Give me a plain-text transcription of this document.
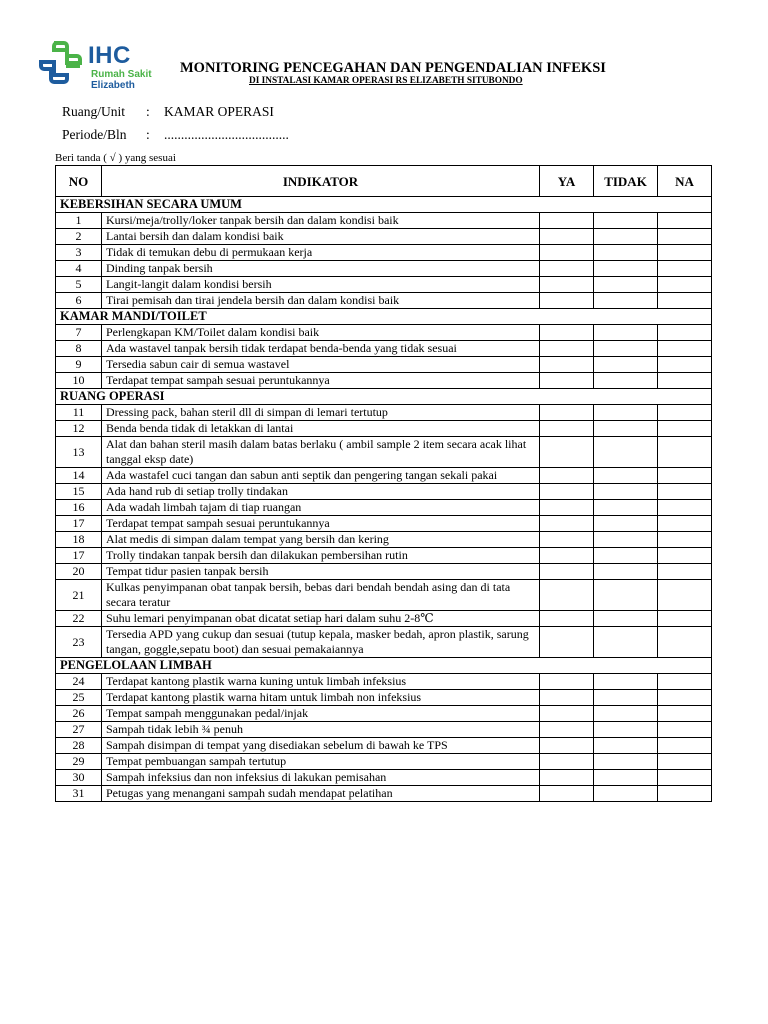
IHC
Rumah Sakit
Elizabeth
MONITORING PENCEGAHAN DAN PENGENDALIAN INFEKSI
DI INSTALASI KAMAR OPERASI RS ELIZABETH SITUBONDO
Ruang/Unit : KAMAR OPERASI
Periode/Bln : .....................................
Beri tanda ( √ ) yang sesuai
NO	INDIKATOR	YA	TIDAK	NA
KEBERSIHAN SECARA UMUM				
1	Kursi/meja/trolly/loker tanpak bersih dan dalam kondisi baik			
2	Lantai bersih dan dalam kondisi baik			
3	Tidak di temukan debu di permukaan kerja			
4	Dinding tanpak bersih			
5	Langit-langit dalam kondisi bersih			
6	Tirai pemisah dan tirai jendela bersih dan dalam kondisi baik			
KAMAR MANDI/TOILET				
7	Perlengkapan KM/Toilet dalam kondisi baik			
8	Ada wastavel tanpak bersih tidak terdapat benda-benda yang tidak sesuai			
9	Tersedia sabun cair di semua wastavel			
10	Terdapat tempat sampah sesuai peruntukannya			
RUANG OPERASI				
11	Dressing pack, bahan steril dll di simpan di lemari tertutup			
12	Benda benda tidak di letakkan di lantai			
13	Alat dan bahan steril masih dalam batas berlaku ( ambil sample 2 item secara acak lihat tanggal eksp date)			
14	Ada wastafel cuci tangan dan sabun anti septik dan pengering tangan sekali pakai			
15	Ada hand rub di setiap trolly tindakan			
16	Ada wadah limbah tajam di tiap ruangan			
17	Terdapat tempat sampah sesuai peruntukannya			
18	Alat medis di simpan dalam tempat yang bersih dan kering			
17	Trolly tindakan tanpak bersih dan dilakukan pembersihan rutin			
20	Tempat tidur pasien tanpak bersih			
21	Kulkas penyimpanan obat tanpak bersih, bebas dari bendah bendah asing dan di tata secara teratur			
22	Suhu lemari penyimpanan obat dicatat setiap hari dalam suhu 2-8℃			
23	Tersedia APD yang cukup dan sesuai (tutup kepala, masker bedah, apron plastik, sarung tangan, goggle,sepatu boot) dan sesuai pemakaiannya			
PENGELOLAAN LIMBAH				
24	Terdapat kantong plastik warna kuning untuk limbah infeksius			
25	Terdapat kantong plastik warna hitam untuk limbah non infeksius			
26	Tempat sampah menggunakan pedal/injak			
27	Sampah tidak lebih ¾ penuh			
28	Sampah disimpan di tempat yang disediakan sebelum di bawah ke TPS			
29	Tempat pembuangan sampah tertutup			
30	Sampah infeksius dan non infeksius di lakukan pemisahan			
31	Petugas yang menangani sampah sudah mendapat pelatihan			
